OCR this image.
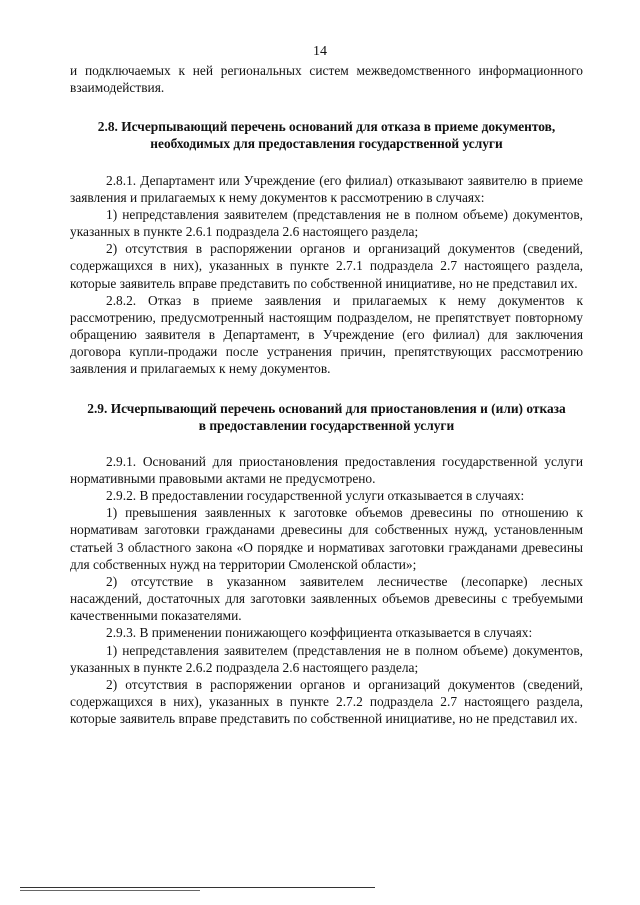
14

и подключаемых к ней региональных систем межведомственного информационного взаимодействия.

2.8. Исчерпывающий перечень оснований для отказа в приеме документов,
необходимых для предоставления государственной услуги

2.8.1. Департамент или Учреждение (его филиал) отказывают заявителю в приеме заявления и прилагаемых к нему документов к рассмотрению в случаях:

1) непредставления заявителем (представления не в полном объеме) документов, указанных в пункте 2.6.1 подраздела 2.6 настоящего раздела;

2) отсутствия в распоряжении органов и организаций документов (сведений, содержащихся в них), указанных в пункте 2.7.1 подраздела 2.7 настоящего раздела, которые заявитель вправе представить по собственной инициативе, но не представил их.

2.8.2. Отказ в приеме заявления и прилагаемых к нему документов к рассмотрению, предусмотренный настоящим подразделом, не препятствует повторному обращению заявителя в Департамент, в Учреждение (его филиал) для заключения договора купли-продажи после устранения причин, препятствующих рассмотрению заявления и прилагаемых к нему документов.

2.9. Исчерпывающий перечень оснований для приостановления и (или) отказа
в предоставлении государственной услуги

2.9.1. Оснований для приостановления предоставления государственной услуги нормативными правовыми актами не предусмотрено.

2.9.2. В предоставлении государственной услуги отказывается в случаях:

1) превышения заявленных к заготовке объемов древесины по отношению к нормативам заготовки гражданами древесины для собственных нужд, установленным статьей 3 областного закона «О порядке и нормативах заготовки гражданами древесины для собственных нужд на территории Смоленской области»;

2) отсутствие в указанном заявителем лесничестве (лесопарке) лесных насаждений, достаточных для заготовки заявленных объемов древесины с требуемыми качественными показателями.

2.9.3. В применении понижающего коэффициента отказывается в случаях:

1) непредставления заявителем (представления не в полном объеме) документов, указанных в пункте 2.6.2 подраздела 2.6 настоящего раздела;

2) отсутствия в распоряжении органов и организаций документов (сведений, содержащихся в них), указанных в пункте 2.7.2 подраздела 2.7 настоящего раздела, которые заявитель вправе представить по собственной инициативе, но не представил их.
